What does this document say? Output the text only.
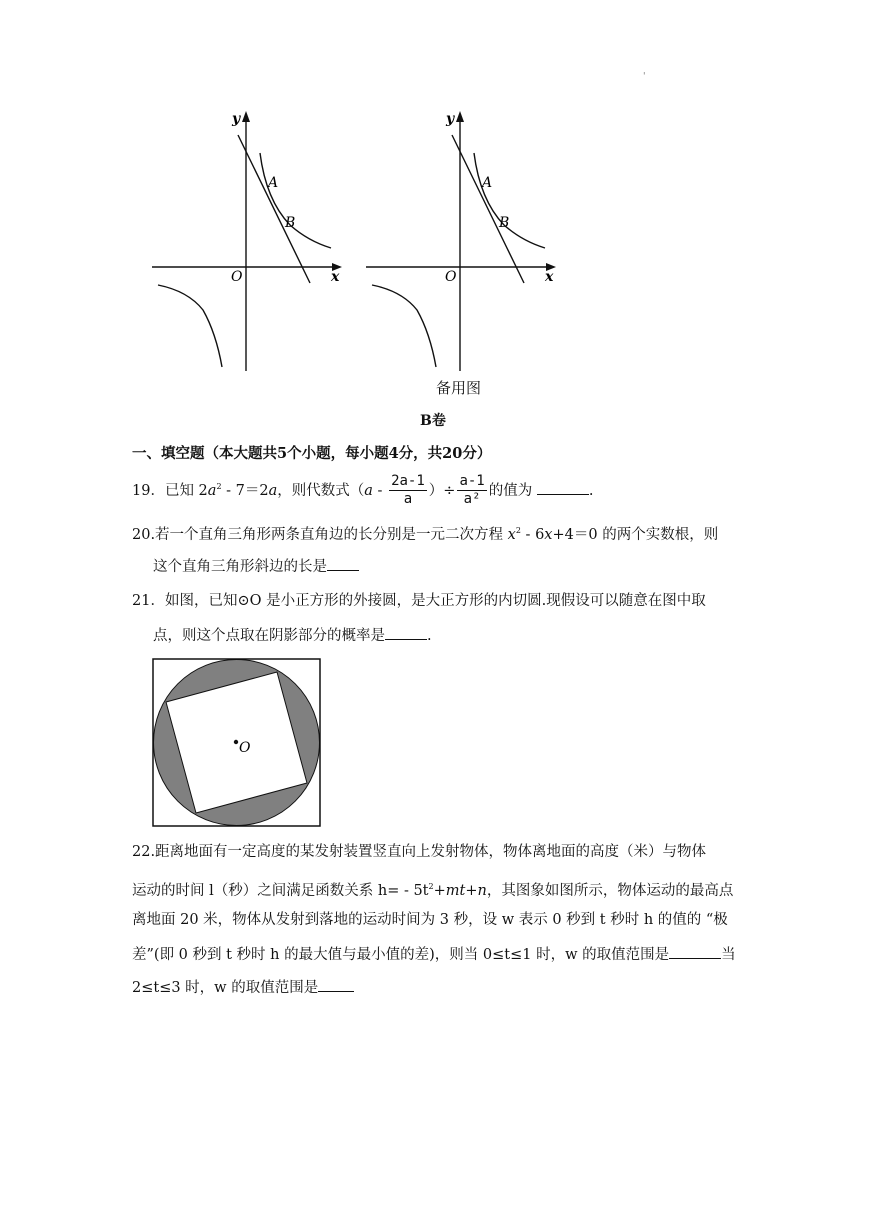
'
y
x
O
A
B
y
x
O
A
B
备用图
B卷
一、填空题（本大题共5个小题，每小题4分，共20分）
19．已知 $2a^2 - 7=2a$，则代数式（$a - \frac{2a-1}{a}$ ）÷ $\frac{a-1}{\text{a²}}$ 的值为	.
20.若一个直角三角形两条直角边的长分别是一元二次方程 $x^2 - 6x+4=0$ 的两个实数根，则
这个直角三角形斜边的长是
21．如图，已知⊙O 是小正方形的外接圆，是大正方形的内切圆.现假设可以随意在图中取
点，则这个点取在阴影部分的概率是	.
O
22.距离地面有一定高度的某发射装置竖直向上发射物体，物体离地面的高度（米）与物体
运动的时间 l（秒）之间满足函数关系 $h= - 5t^2+mt+n$，其图象如图所示，物体运动的最高点
离地面 20 米，物体从发射到落地的运动时间为 3 秒，设 w 表示 0 秒到 t 秒时 h 的值的 “极
差”(即 0 秒到 t 秒时 h 的最大值与最小值的差)，则当 0≤t≤1 时，w 的取值范围是	当
2≤t≤3 时，w 的取值范围是
